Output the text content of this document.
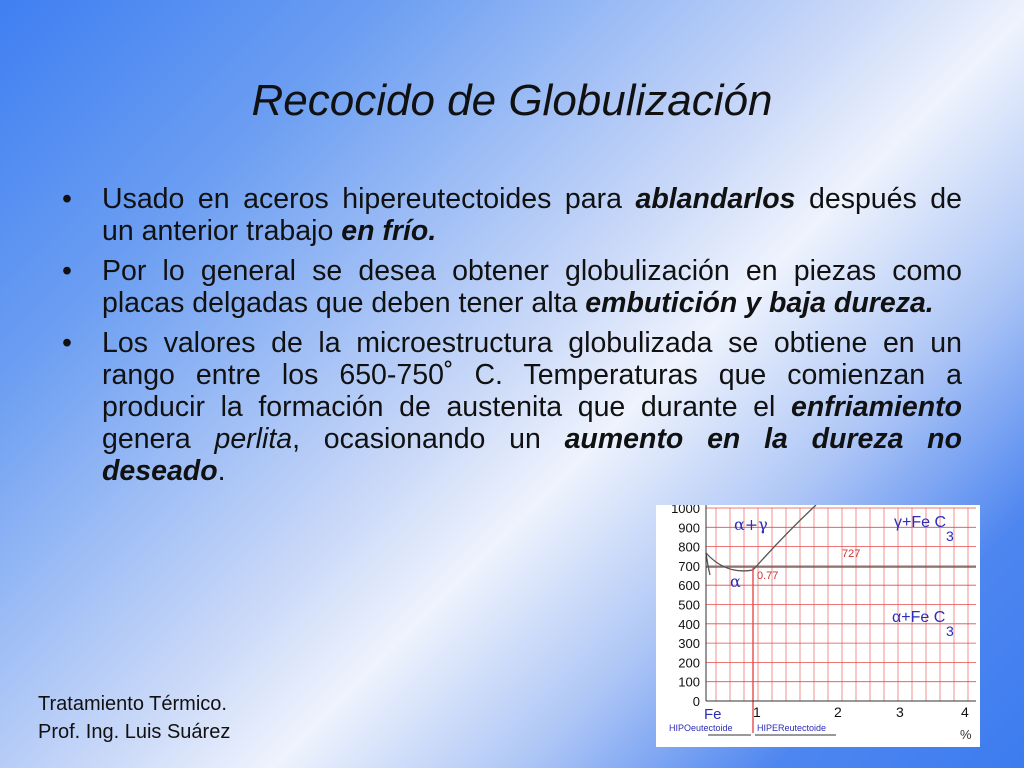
Recocido de Globulización
• Usado en aceros hipereutectoides para ablandarlos después de un anterior trabajo en frío.
• Por lo general se desea obtener globulización en piezas como placas delgadas que deben tener alta embutición y baja dureza.
• Los valores de la microestructura globulizada se obtiene en un rango entre los 650-750˚ C. Temperaturas que comienzan a producir la formación de austenita que durante el enfriamiento genera perlita, ocasionando un aumento en la dureza no deseado.
Tratamiento Térmico.
Prof. Ing. Luis Suárez
1000
900
800
700
600
500
400
300
200
100
0
Fe 1	2	3	4
α+γ	γ+Fe C
3
α
α+Fe C
3
727
0.77
HIPOeutectoide	HIPEReutectoide	%
